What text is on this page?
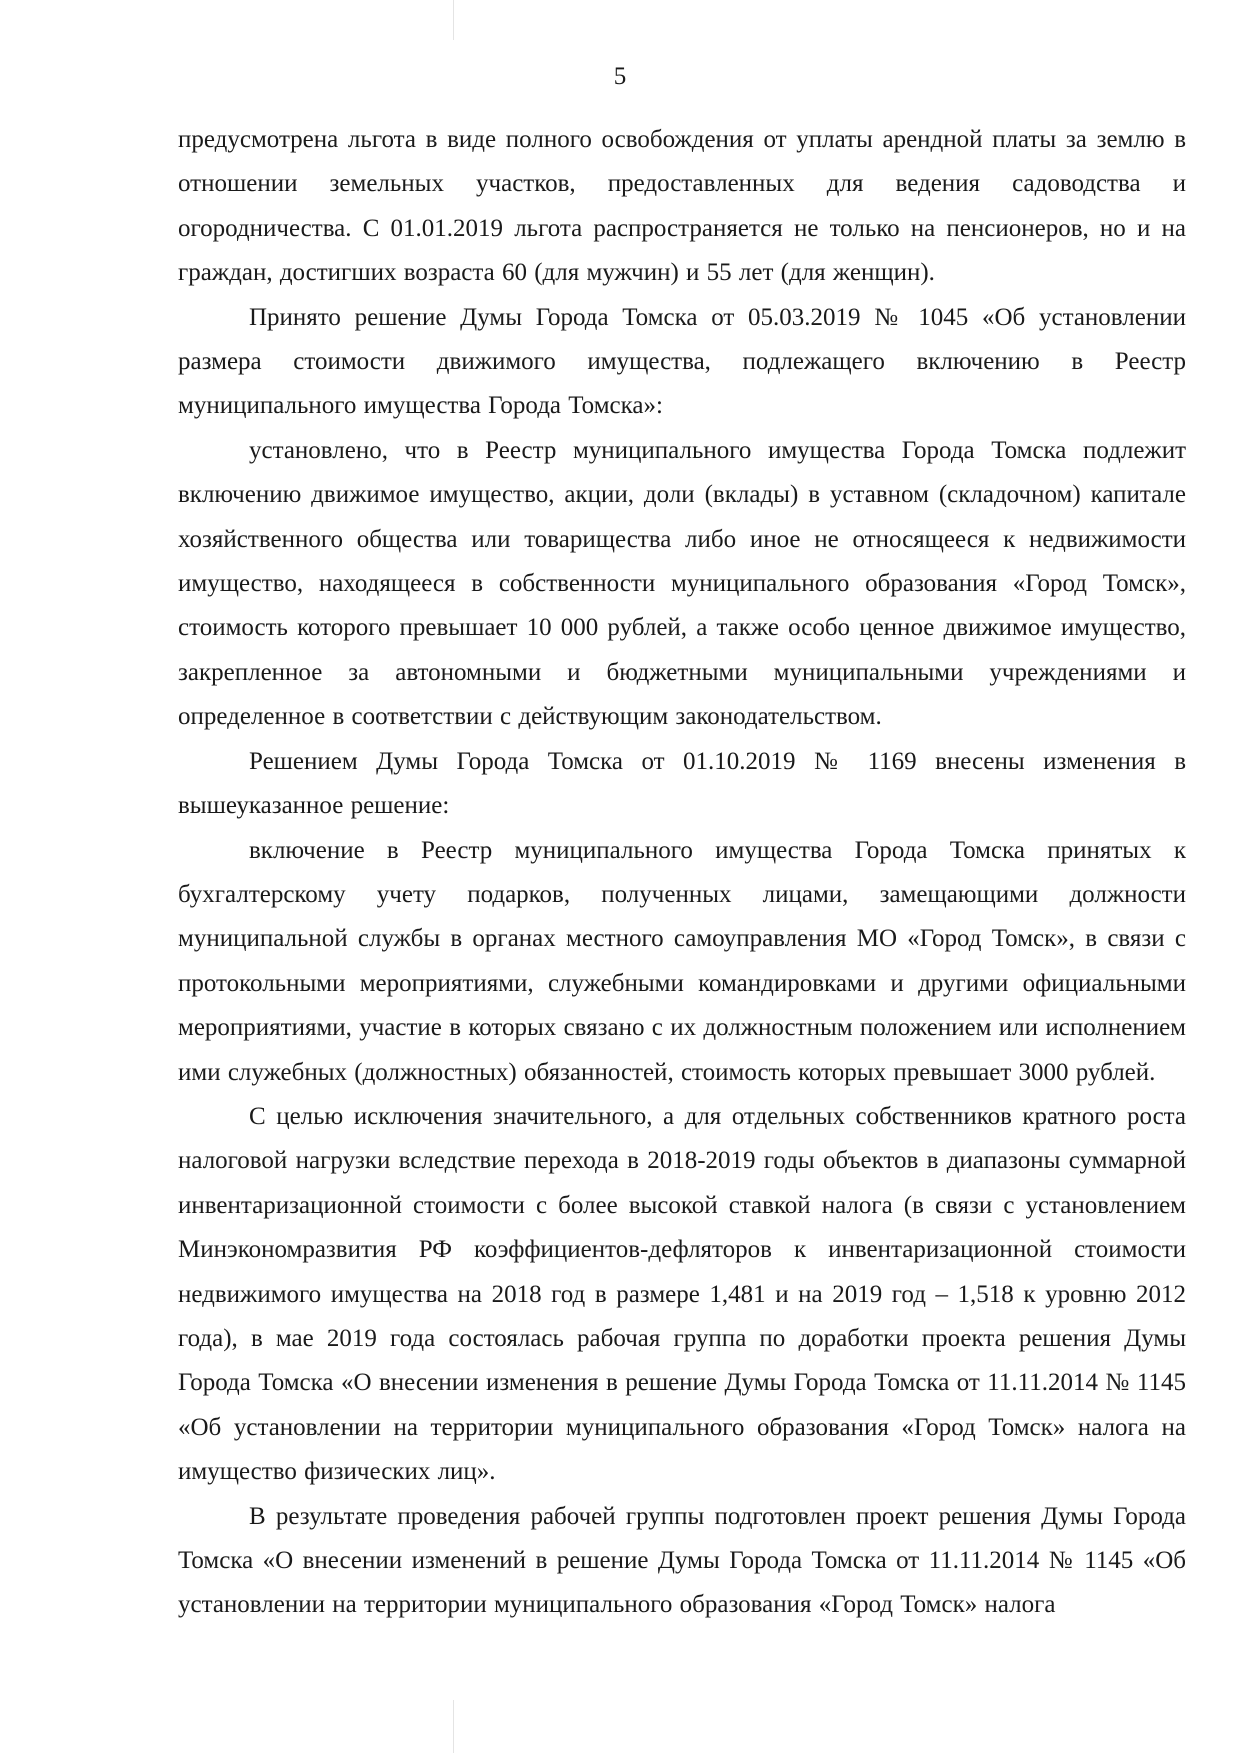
5

предусмотрена льгота в виде полного освобождения от уплаты арендной платы за землю в отношении земельных участков, предоставленных для ведения садоводства и огородничества. С 01.01.2019 льгота распространяется не только на пенсионеров, но и на граждан, достигших возраста 60 (для мужчин) и 55 лет (для женщин).

Принято решение Думы Города Томска от 05.03.2019 № 1045 «Об установлении размера стоимости движимого имущества, подлежащего включению в Реестр муниципального имущества Города Томска»:

установлено, что в Реестр муниципального имущества Города Томска подлежит включению движимое имущество, акции, доли (вклады) в уставном (складочном) капитале хозяйственного общества или товарищества либо иное не относящееся к недвижимости имущество, находящееся в собственности муниципального образования «Город Томск», стоимость которого превышает 10 000 рублей, а также особо ценное движимое имущество, закрепленное за автономными и бюджетными муниципальными учреждениями и определенное в соответствии с действующим законодательством.

Решением Думы Города Томска от 01.10.2019 № 1169 внесены изменения в вышеуказанное решение:

включение в Реестр муниципального имущества Города Томска принятых к бухгалтерскому учету подарков, полученных лицами, замещающими должности муниципальной службы в органах местного самоуправления МО «Город Томск», в связи с протокольными мероприятиями, служебными командировками и другими официальными мероприятиями, участие в которых связано с их должностным положением или исполнением ими служебных (должностных) обязанностей, стоимость которых превышает 3000 рублей.

С целью исключения значительного, а для отдельных собственников кратного роста налоговой нагрузки вследствие перехода в 2018-2019 годы объектов в диапазоны суммарной инвентаризационной стоимости с более высокой ставкой налога (в связи с установлением Минэкономразвития РФ коэффициентов-дефляторов к инвентаризационной стоимости недвижимого имущества на 2018 год в размере 1,481 и на 2019 год – 1,518 к уровню 2012 года), в мае 2019 года состоялась рабочая группа по доработки проекта решения Думы Города Томска «О внесении изменения в решение Думы Города Томска от 11.11.2014 № 1145 «Об установлении на территории муниципального образования «Город Томск» налога на имущество физических лиц».

В результате проведения рабочей группы подготовлен проект решения Думы Города Томска «О внесении изменений в решение Думы Города Томска от 11.11.2014 № 1145 «Об установлении на территории муниципального образования «Город Томск» налога
